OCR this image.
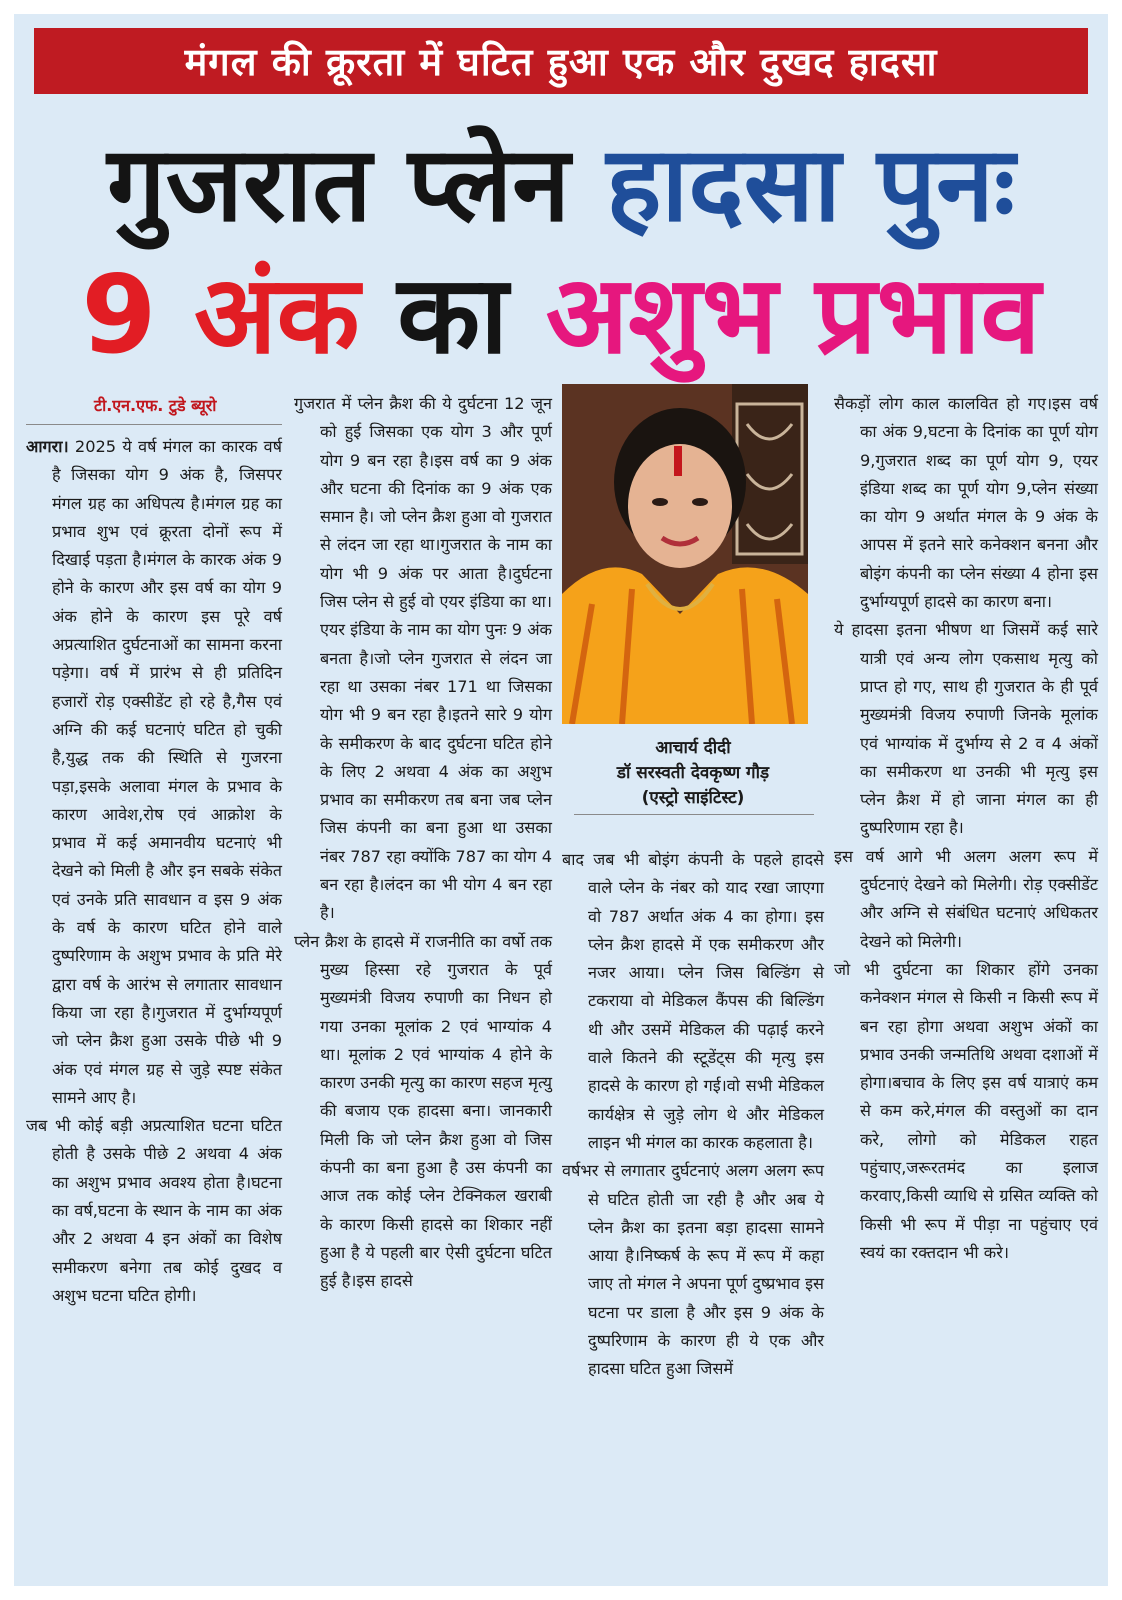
मंगल की क्रूरता में घटित हुआ एक और दुखद हादसा
गुजरात प्लेन हादसा पुनः
9 अंक का अशुभ प्रभाव
टी.एन.एफ. टुडे ब्यूरो

आगरा। 2025 ये वर्ष मंगल का कारक वर्ष है जिसका योग 9 अंक है, जिसपर मंगल ग्रह का अधिपत्य है।मंगल ग्रह का प्रभाव शुभ एवं क्रूरता दोनों रूप में दिखाई पड़ता है।मंगल के कारक अंक 9 होने के कारण और इस वर्ष का योग 9 अंक होने के कारण इस पूरे वर्ष अप्रत्याशित दुर्घटनाओं का सामना करना पड़ेगा। वर्ष में प्रारंभ से ही प्रतिदिन हजारों रोड़ एक्सीडेंट हो रहे है,गैस एवं अग्नि की कई घटनाएं घटित हो चुकी है,युद्ध तक की स्थिति से गुजरना पड़ा,इसके अलावा मंगल के प्रभाव के कारण आवेश,रोष एवं आक्रोश के प्रभाव में कई अमानवीय घटनाएं भी देखने को मिली है और इन सबके संकेत एवं उनके प्रति सावधान व इस 9 अंक के वर्ष के कारण घटित होने वाले दुष्परिणाम के अशुभ प्रभाव के प्रति मेरे द्वारा वर्ष के आरंभ से लगातार सावधान किया जा रहा है।गुजरात में दुर्भाग्यपूर्ण जो प्लेन क्रैश हुआ उसके पीछे भी 9 अंक एवं मंगल ग्रह से जुड़े स्पष्ट संकेत सामने आए है।

जब भी कोई बड़ी अप्रत्याशित घटना घटित होती है उसके पीछे 2 अथवा 4 अंक का अशुभ प्रभाव अवश्य होता है।घटना का वर्ष,घटना के स्थान के नाम का अंक और 2 अथवा 4 इन अंकों का विशेष समीकरण बनेगा तब कोई दुखद व अशुभ घटना घटित होगी।

गुजरात में प्लेन क्रैश की ये दुर्घटना 12 जून को हुई जिसका एक योग 3 और पूर्ण योग 9 बन रहा है।इस वर्ष का 9 अंक और घटना की दिनांक का 9 अंक एक समान है। जो प्लेन क्रैश हुआ वो गुजरात से लंदन जा रहा था।गुजरात के नाम का योग भी 9 अंक पर आता है।दुर्घटना जिस प्लेन से हुई वो एयर इंडिया का था।एयर इंडिया के नाम का योग पुनः 9 अंक बनता है।जो प्लेन गुजरात से लंदन जा रहा था उसका नंबर 171 था जिसका योग भी 9 बन रहा है।इतने सारे 9 योग के समीकरण के बाद दुर्घटना घटित होने के लिए 2 अथवा 4 अंक का अशुभ प्रभाव का समीकरण तब बना जब प्लेन जिस कंपनी का बना हुआ था उसका नंबर 787 रहा क्योंकि 787 का योग 4 बन रहा है।लंदन का भी योग 4 बन रहा है।

प्लेन क्रैश के हादसे में राजनीति का वर्षो तक मुख्य हिस्सा रहे गुजरात के पूर्व मुख्यमंत्री विजय रुपाणी का निधन हो गया उनका मूलांक 2 एवं भाग्यांक 4 था। मूलांक 2 एवं भाग्यांक 4 होने के कारण उनकी मृत्यु का कारण सहज मृत्यु की बजाय एक हादसा बना। जानकारी मिली कि जो प्लेन क्रैश हुआ वो जिस कंपनी का बना हुआ है उस कंपनी का आज तक कोई प्लेन टेक्निकल खराबी के कारण किसी हादसे का शिकार नहीं हुआ है ये पहली बार ऐसी दुर्घटना घटित हुई है।इस हादसे

आचार्य दीदी
डॉ सरस्वती देवकृष्ण गौड़
(एस्ट्रो साइंटिस्ट)

बाद जब भी बोइंग कंपनी के पहले हादसे वाले प्लेन के नंबर को याद रखा जाएगा वो 787 अर्थात अंक 4 का होगा। इस प्लेन क्रैश हादसे में एक समीकरण और नजर आया। प्लेन जिस बिल्डिंग से टकराया वो मेडिकल कैंपस की बिल्डिंग थी और उसमें मेडिकल की पढ़ाई करने वाले कितने की स्टूडेंट्स की मृत्यु इस हादसे के कारण हो गई।वो सभी मेडिकल कार्यक्षेत्र से जुड़े लोग थे और मेडिकल लाइन भी मंगल का कारक कहलाता है।

वर्षभर से लगातार दुर्घटनाएं अलग अलग रूप से घटित होती जा रही है और अब ये प्लेन क्रैश का इतना बड़ा हादसा सामने आया है।निष्कर्ष के रूप में रूप में कहा जाए तो मंगल ने अपना पूर्ण दुष्प्रभाव इस घटना पर डाला है और इस 9 अंक के दुष्परिणाम के कारण ही ये एक और हादसा घटित हुआ जिसमें

सैकड़ों लोग काल कालवित हो गए।इस वर्ष का अंक 9,घटना के दिनांक का पूर्ण योग 9,गुजरात शब्द का पूर्ण योग 9, एयर इंडिया शब्द का पूर्ण योग 9,प्लेन संख्या का योग 9 अर्थात मंगल के 9 अंक के आपस में इतने सारे कनेक्शन बनना और बोइंग कंपनी का प्लेन संख्या 4 होना इस दुर्भाग्यपूर्ण हादसे का कारण बना।

ये हादसा इतना भीषण था जिसमें कई सारे यात्री एवं अन्य लोग एकसाथ मृत्यु को प्राप्त हो गए, साथ ही गुजरात के ही पूर्व मुख्यमंत्री विजय रुपाणी जिनके मूलांक एवं भाग्यांक में दुर्भाग्य से 2 व 4 अंकों का समीकरण था उनकी भी मृत्यु इस प्लेन क्रैश में हो जाना मंगल का ही दुष्परिणाम रहा है।

इस वर्ष आगे भी अलग अलग रूप में दुर्घटनाएं देखने को मिलेगी। रोड़ एक्सीडेंट और अग्नि से संबंधित घटनाएं अधिकतर देखने को मिलेगी।

जो भी दुर्घटना का शिकार होंगे उनका कनेक्शन मंगल से किसी न किसी रूप में बन रहा होगा अथवा अशुभ अंकों का प्रभाव उनकी जन्मतिथि अथवा दशाओं में होगा।बचाव के लिए इस वर्ष यात्राएं कम से कम करे,मंगल की वस्तुओं का दान करे, लोगो को मेडिकल राहत पहुंचाए,जरूरतमंद का इलाज करवाए,किसी व्याधि से ग्रसित व्यक्ति को किसी भी रूप में पीड़ा ना पहुंचाए एवं स्वयं का रक्तदान भी करे।
